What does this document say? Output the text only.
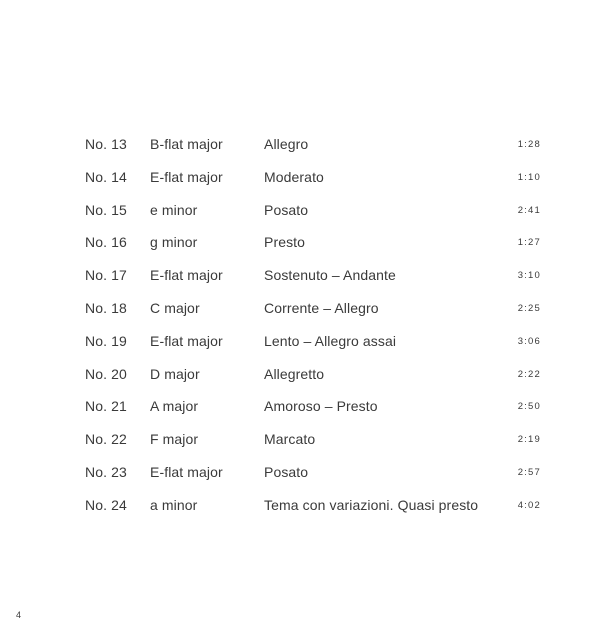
No. 13 B-flat major	Allegro	1:28
No. 14 E-flat major	Moderato	1:10
No. 15 e minor	Posato	2:41
No. 16 g minor	Presto	1:27
No. 17 E-flat major	Sostenuto – Andante	3:10
No. 18 C major	Corrente – Allegro	2:25
No. 19 E-flat major	Lento – Allegro assai	3:06
No. 20 D major	Allegretto	2:22
No. 21 A major	Amoroso – Presto	2:50
No. 22 F major	Marcato	2:19
No. 23 E-flat major	Posato	2:57
No. 24 a minor	Tema con variazioni. Quasi presto	4:02
4
